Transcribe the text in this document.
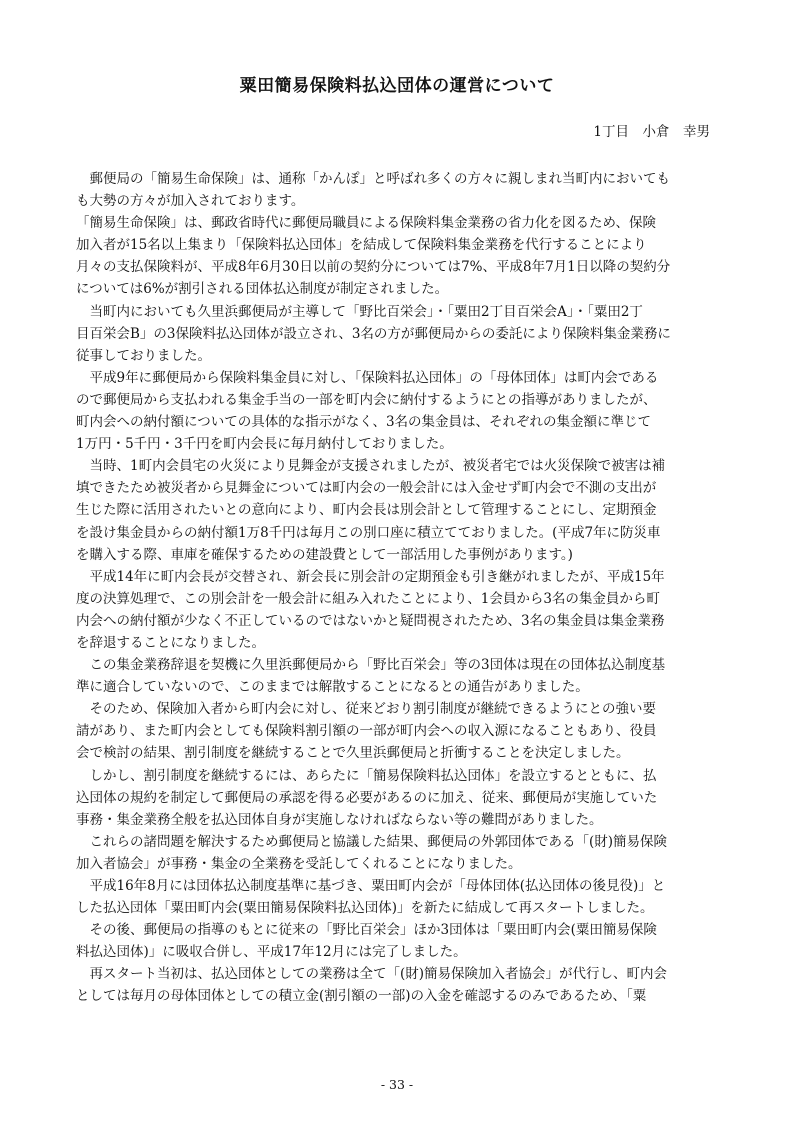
粟田簡易保険料払込団体の運営について
1丁目　小倉　幸男
　郵便局の「簡易生命保険」は、通称「かんぽ」と呼ばれ多くの方々に親しまれ当町内においても
も大勢の方々が加入されております。
「簡易生命保険」は、郵政省時代に郵便局職員による保険料集金業務の省力化を図るため、保険
加入者が15名以上集まり「保険料払込団体」を結成して保険料集金業務を代行することにより
月々の支払保険料が、平成8年6月30日以前の契約分については7%、平成8年7月1日以降の契約分
については6%が割引される団体払込制度が制定されました。
　当町内においても久里浜郵便局が主導して「野比百栄会」・「粟田2丁目百栄会A」・「粟田2丁
目百栄会B」の3保険料払込団体が設立され、3名の方が郵便局からの委託により保険料集金業務に
従事しておりました。
　平成9年に郵便局から保険料集金員に対し、「保険料払込団体」の「母体団体」は町内会である
ので郵便局から支払われる集金手当の一部を町内会に納付するようにとの指導がありましたが、
町内会への納付額についての具体的な指示がなく、3名の集金員は、それぞれの集金額に準じて
1万円・5千円・3千円を町内会長に毎月納付しておりました。
　当時、1町内会員宅の火災により見舞金が支援されましたが、被災者宅では火災保険で被害は補
填できたため被災者から見舞金については町内会の一般会計には入金せず町内会で不測の支出が
生じた際に活用されたいとの意向により、町内会長は別会計として管理することにし、定期預金
を設け集金員からの納付額1万8千円は毎月この別口座に積立てておりました。(平成7年に防災車
を購入する際、車庫を確保するための建設費として一部活用した事例があります。)
　平成14年に町内会長が交替され、新会長に別会計の定期預金も引き継がれましたが、平成15年
度の決算処理で、この別会計を一般会計に組み入れたことにより、1会員から3名の集金員から町
内会への納付額が少なく不正しているのではないかと疑問視されたため、3名の集金員は集金業務
を辞退することになりました。
　この集金業務辞退を契機に久里浜郵便局から「野比百栄会」等の3団体は現在の団体払込制度基
準に適合していないので、このままでは解散することになるとの通告がありました。
　そのため、保険加入者から町内会に対し、従来どおり割引制度が継続できるようにとの強い要
請があり、また町内会としても保険料割引額の一部が町内会への収入源になることもあり、役員
会で検討の結果、割引制度を継続することで久里浜郵便局と折衝することを決定しました。
　しかし、割引制度を継続するには、あらたに「簡易保険料払込団体」を設立するとともに、払
込団体の規約を制定して郵便局の承認を得る必要があるのに加え、従来、郵便局が実施していた
事務・集金業務全般を払込団体自身が実施しなければならない等の難問がありました。
　これらの諸問題を解決するため郵便局と協議した結果、郵便局の外郭団体である「(財)簡易保険
加入者協会」が事務・集金の全業務を受託してくれることになりました。
　平成16年8月には団体払込制度基準に基づき、粟田町内会が「母体団体(払込団体の後見役)」と
した払込団体「粟田町内会(粟田簡易保険料払込団体)」を新たに結成して再スタートしました。
　その後、郵便局の指導のもとに従来の「野比百栄会」ほか3団体は「粟田町内会(粟田簡易保険
料払込団体)」に吸収合併し、平成17年12月には完了しました。
　再スタート当初は、払込団体としての業務は全て「(財)簡易保険加入者協会」が代行し、町内会
としては毎月の母体団体としての積立金(割引額の一部)の入金を確認するのみであるため、「粟
- 33 -
